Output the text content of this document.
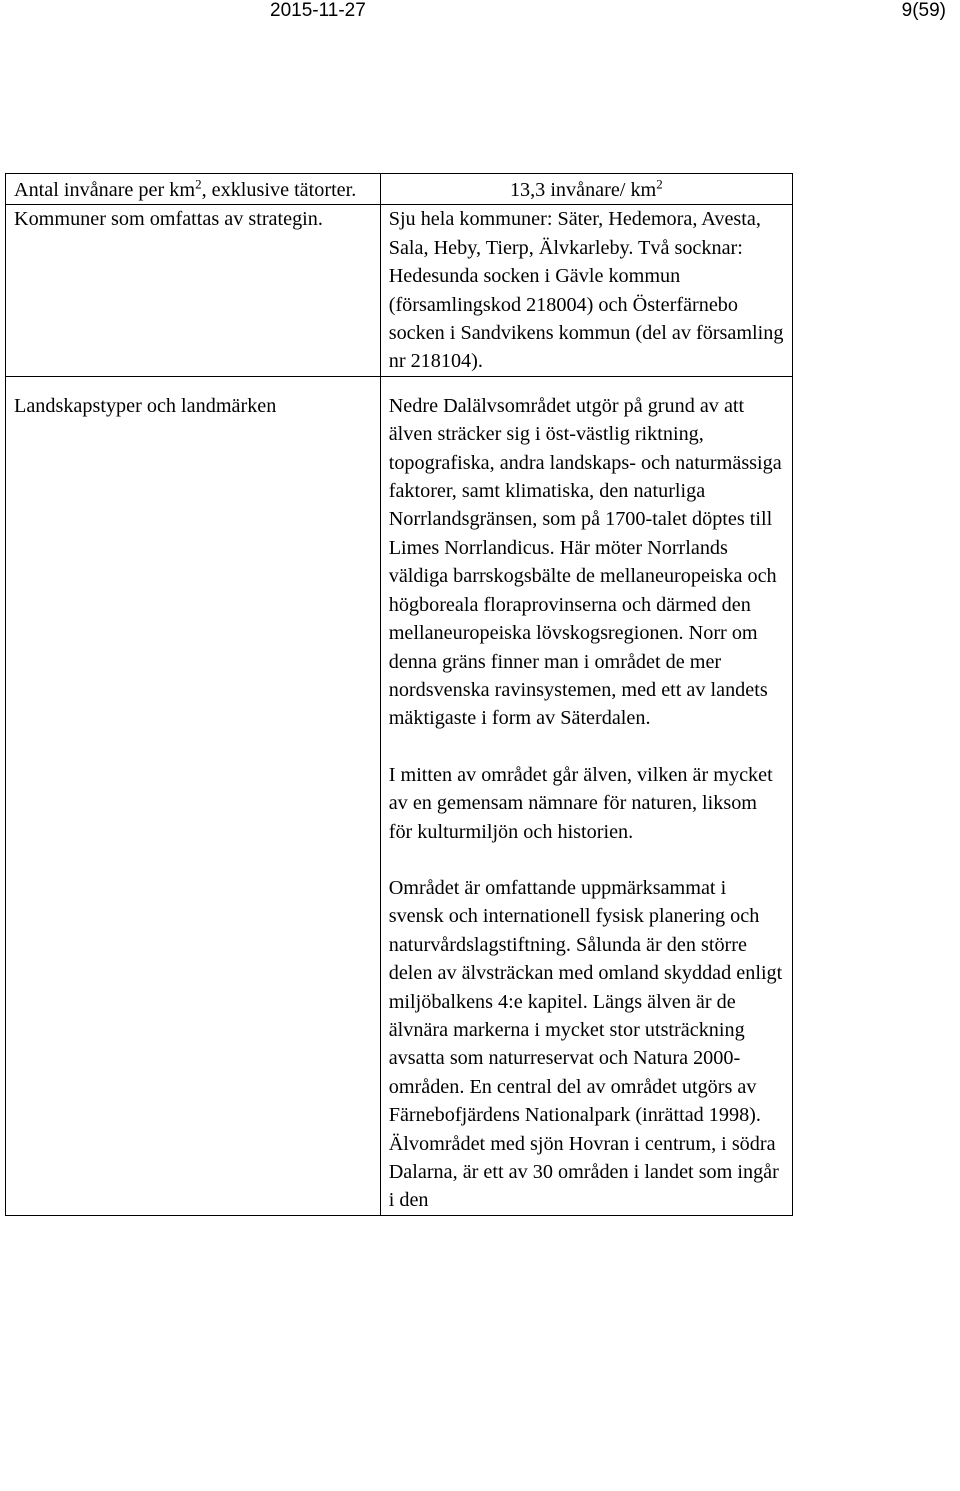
2015-11-27	9(59)
Antal invånare per $km^2$, exklusive tätorter.	13,3 invånare/ $km^2$

Kommuner som omfattas av strategin.	Sju hela kommuner: Säter, Hedemora, Avesta, Sala, Heby, Tierp, Älvkarleby. Två socknar: Hedesunda socken i Gävle kommun (församlingskod 218004) och Österfärnebo socken i Sandvikens kommun (del av församling nr 218104).

Landskapstyper och landmärken	Nedre Dalälvsområdet utgör på grund av att älven sträcker sig i öst-västlig riktning, topografiska, andra landskaps- och naturmässiga faktorer, samt klimatiska, den naturliga Norrlandsgränsen, som på 1700-talet döptes till Limes Norrlandicus. Här möter Norrlands väldiga barrskogsbälte de mellaneuropeiska och högboreala floraprovinserna och därmed den mellaneuropeiska lövskogsregionen. Norr om denna gräns finner man i området de mer nordsvenska ravinsystemen, med ett av landets mäktigaste i form av Säterdalen.

I mitten av området går älven, vilken är mycket av en gemensam nämnare för naturen, liksom för kulturmiljön och historien.

Området är omfattande uppmärksammat i svensk och internationell fysisk planering och naturvårdslagstiftning. Sålunda är den större delen av älvsträckan med omland skyddad enligt miljöbalkens 4:e kapitel. Längs älven är de älvnära markerna i mycket stor utsträckning avsatta som naturreservat och Natura 2000-områden. En central del av området utgörs av Färnebofjärdens Nationalpark (inrättad 1998). Älvområdet med sjön Hovran i centrum, i södra Dalarna, är ett av 30 områden i landet som ingår i den
